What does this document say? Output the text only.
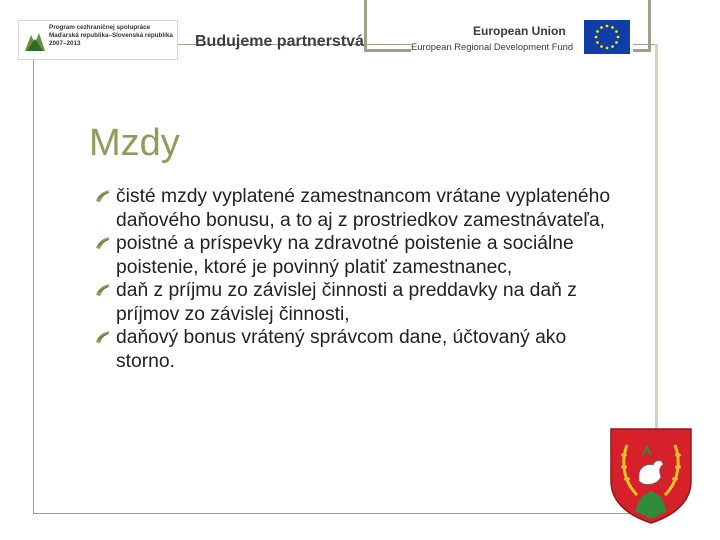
Program cezhraničnej spolupráce
Maďarská republika–Slovenská republika
2007–2013	Budujeme partnerstvá
European Union
European Regional Development Fund
Mzdy
čisté mzdy vyplatené zamestnancom vrátane vyplateného daňového bonusu, a to aj z prostriedkov zamestnávateľa,
poistné a príspevky na zdravotné poistenie a sociálne poistenie, ktoré je povinný platiť zamestnanec,
daň z príjmu zo závislej činnosti a preddavky na daň z príjmov zo závislej činnosti,
daňový bonus vrátený správcom dane, účtovaný ako storno.
